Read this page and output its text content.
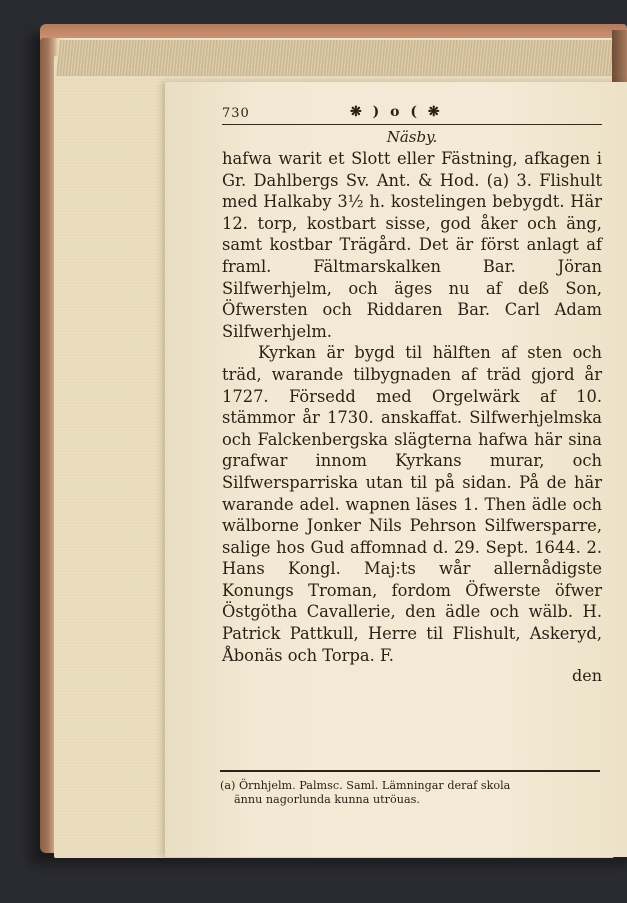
730	❋ ) o ( ❋
Näsby.

hafwa warit et Slott eller Fästning, afkagen i Gr. Dahlbergs Sv. Ant. & Hod. (a) 3. Flishult med Halkaby 3½ h. kostelingen bebygdt. Här 12. torp, kostbart sisse, god åker och äng, samt kostbar Trägård. Det är först anlagt af framl. Fältmarskalken Bar. Jöran Silfwerhjelm, och äges nu af deß Son, Öfwersten och Riddaren Bar. Carl Adam Silfwerhjelm.

Kyrkan är bygd til hälften af sten och träd, warande tilbygnaden af träd gjord år 1727. Försedd med Orgelwärk af 10. stämmor år 1730. anskaffat. Silfwerhjelmska och Falckenbergska slägterna hafwa här sina grafwar innom Kyrkans murar, och Silfwersparriska utan til på sidan. På de här warande adel. wapnen läses 1. Then ädle och wälborne Jonker Nils Pehrson Silfwersparre, salige hos Gud affomnad d. 29. Sept. 1644. 2. Hans Kongl. Maj:ts wår allernådigste Konungs Troman, fordom Öfwerste öfwer Östgötha Cavallerie, den ädle och wälb. H. Patrick Pattkull, Herre til Flishult, Askeryd, Åbonäs och Torpa. F.

den
(a) Örnhjelm. Palmsc. Saml. Lämningar deraf skola
ännu nagorlunda kunna utröuas.
